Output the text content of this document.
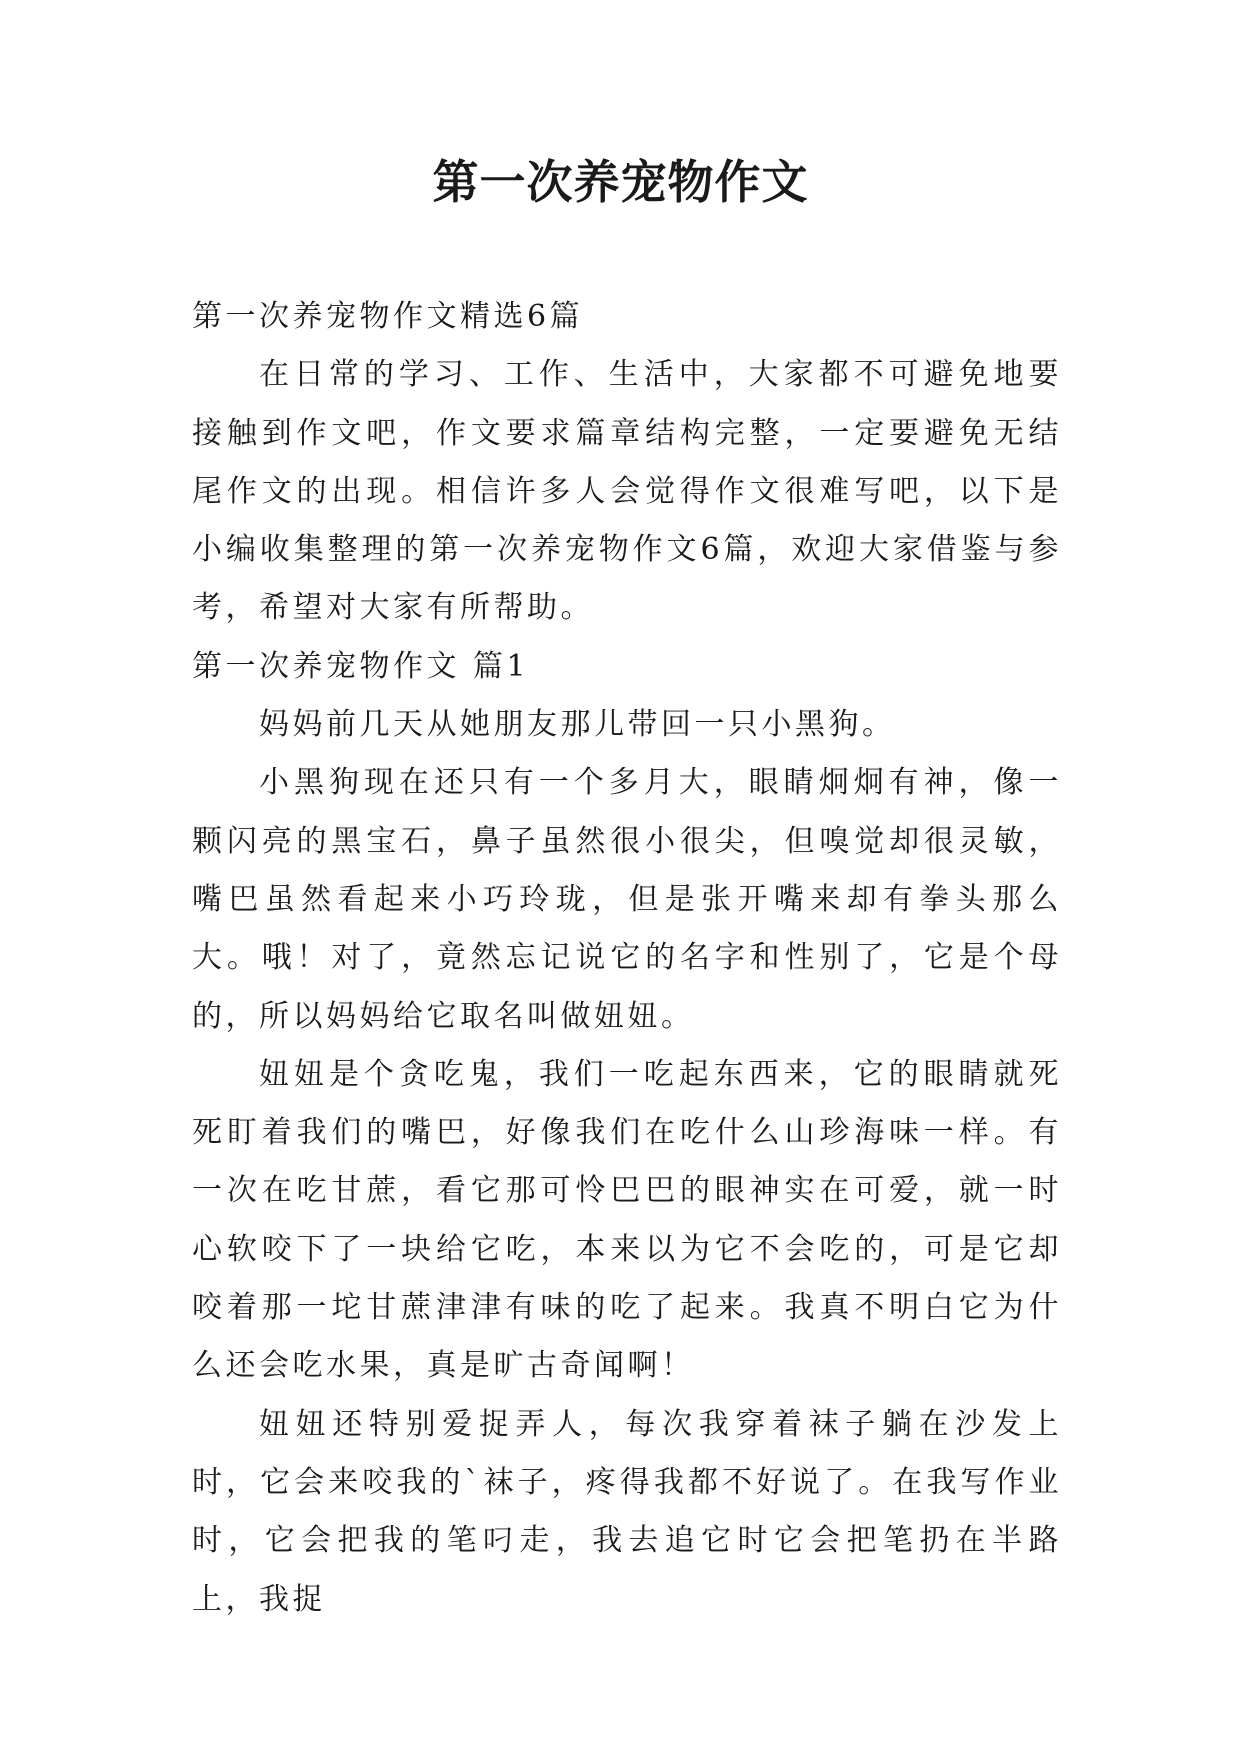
第一次养宠物作文

第一次养宠物作文精选6篇

在日常的学习、工作、生活中，大家都不可避免地要接触到作文吧，作文要求篇章结构完整，一定要避免无结尾作文的出现。相信许多人会觉得作文很难写吧，以下是小编收集整理的第一次养宠物作文6篇，欢迎大家借鉴与参考，希望对大家有所帮助。

第一次养宠物作文 篇1

妈妈前几天从她朋友那儿带回一只小黑狗。

小黑狗现在还只有一个多月大，眼睛炯炯有神，像一颗闪亮的黑宝石，鼻子虽然很小很尖，但嗅觉却很灵敏，嘴巴虽然看起来小巧玲珑，但是张开嘴来却有拳头那么大。哦！对了，竟然忘记说它的名字和性别了，它是个母的，所以妈妈给它取名叫做妞妞。

妞妞是个贪吃鬼，我们一吃起东西来，它的眼睛就死死盯着我们的嘴巴，好像我们在吃什么山珍海味一样。有一次在吃甘蔗，看它那可怜巴巴的眼神实在可爱，就一时心软咬下了一块给它吃，本来以为它不会吃的，可是它却咬着那一坨甘蔗津津有味的吃了起来。我真不明白它为什么还会吃水果，真是旷古奇闻啊！

妞妞还特别爱捉弄人，每次我穿着袜子躺在沙发上时，它会来咬我的`袜子，疼得我都不好说了。在我写作业时，它会把我的笔叼走，我去追它时它会把笔扔在半路上，我捉
